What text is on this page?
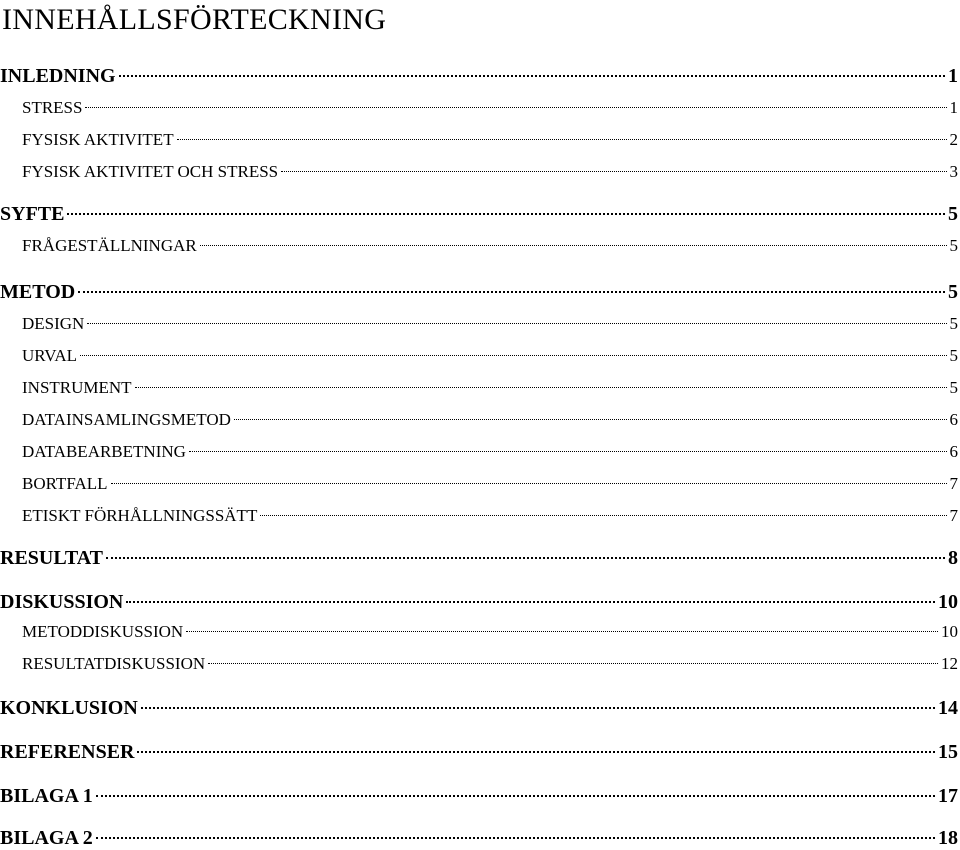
INNEHÅLLSFÖRTECKNING
INLEDNING	1
STRESS	1
FYSISK AKTIVITET	2
FYSISK AKTIVITET OCH STRESS	3
SYFTE	5
FRÅGESTÄLLNINGAR	5
METOD	5
DESIGN	5
URVAL	5
INSTRUMENT	5
DATAINSAMLINGSMETOD	6
DATABEARBETNING	6
BORTFALL	7
ETISKT FÖRHÅLLNINGSSÄTT	7
RESULTAT	8
DISKUSSION	10
METODDISKUSSION	10
RESULTATDISKUSSION	12
KONKLUSION	14
REFERENSER	15
BILAGA 1	17
BILAGA 2	18
